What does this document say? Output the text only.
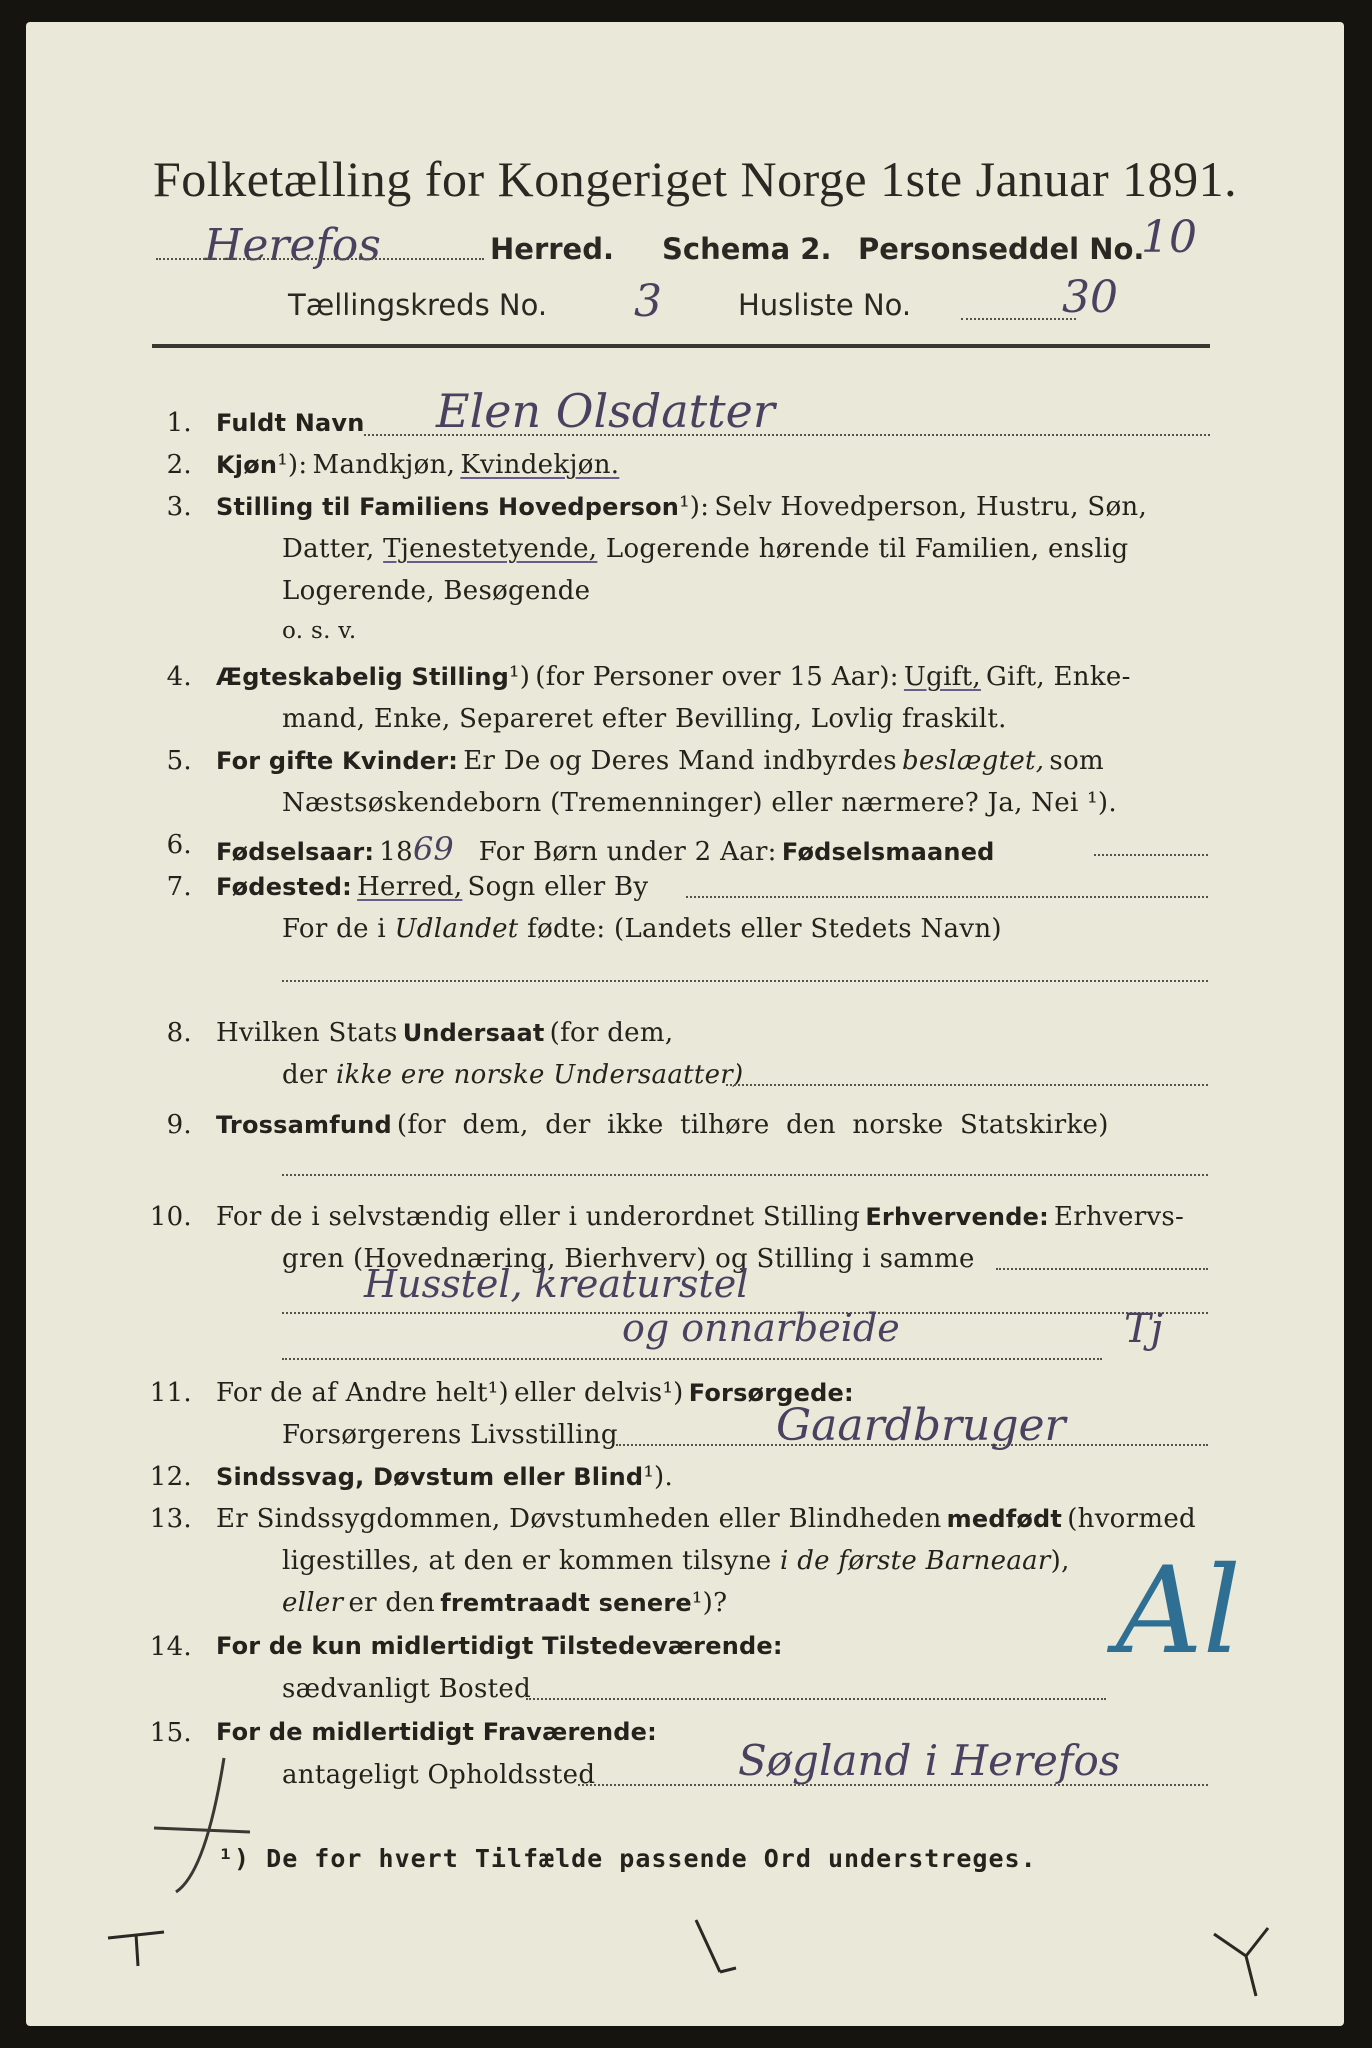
Folketælling for Kongeriget Norge 1ste Januar 1891.
Herefos	Herred. Schema 2. Personseddel No.
10
Tællingskreds No. 3	Husliste No.	30
1. Fuldt Navn Elen Olsdatter
2. Kjøn¹): Mandkjøn, Kvindekjøn.
3. Stilling til Familiens Hovedperson¹): Selv Hovedperson, Hustru, Søn,
Datter, Tjenestetyende, Logerende hørende til Familien, enslig
Logerende, Besøgende
o. s. v.
4. Ægteskabelig Stilling¹) (for Personer over 15 Aar): Ugift, Gift, Enke-
mand, Enke, Separeret efter Bevilling, Lovlig fraskilt.
5. For gifte Kvinder: Er De og Deres Mand indbyrdes beslægtet, som
Næstsøskendeborn (Tremenninger) eller nærmere? Ja, Nei ¹).
6. Fødselsaar: 1869 For Børn under 2 Aar: Fødselsmaaned
7. Fødested: Herred, Sogn eller By
For de i Udlandet fødte: (Landets eller Stedets Navn)
8. Hvilken Stats Undersaat (for dem,
der ikke ere norske Undersaatter)
9. Trossamfund (for dem, der ikke tilhøre den norske Statskirke)
10. For de i selvstændig eller i underordnet Stilling Erhvervende: Erhvervs-
gren (Hovednæring, Bierhverv) og Stilling i samme
Husstel, kreaturstel
og onnarbeide	Tj
11. For de af Andre helt¹) eller delvis¹) Forsørgede:
Forsørgerens Livsstilling	Gaardbruger
12. Sindssvag, Døvstum eller Blind¹).
13. Er Sindssygdommen, Døvstumheden eller Blindheden medfødt (hvormed
ligestilles, at den er kommen tilsyne i de første Barneaar),
eller er den fremtraadt senere¹)?
14. For de kun midlertidigt Tilstedeværende:
sædvanligt Bosted
Al
15. For de midlertidigt Fraværende:
antageligt Opholdssted	Søgland i Herefos
¹) De for hvert Tilfælde passende Ord understreges.
